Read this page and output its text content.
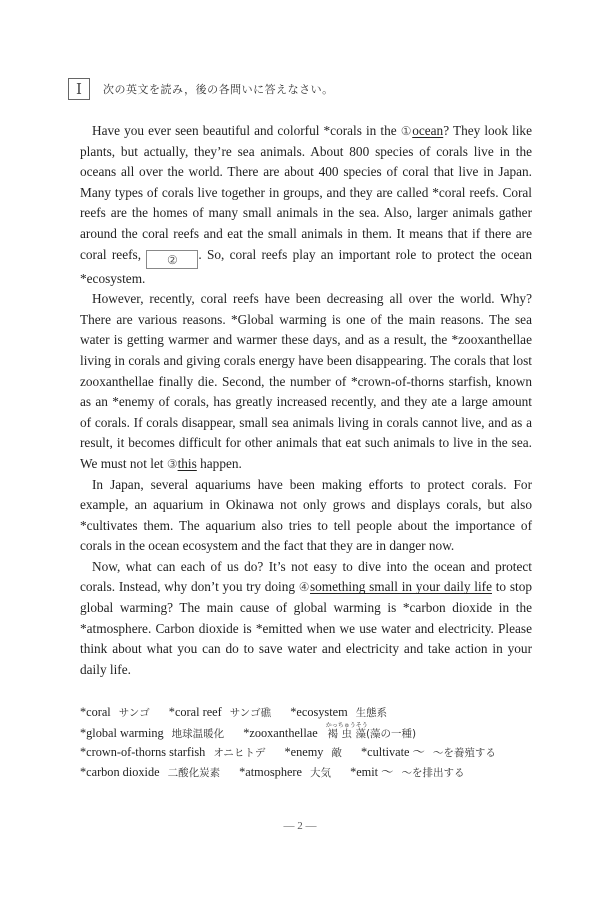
Ⅰ	次の英文を読み，後の各問いに答えなさい。

Have you ever seen beautiful and colorful *corals in the ①ocean? They look like plants, but actually, they’re sea animals. About 800 species of corals live in the oceans all over the world. There are about 400 species of coral that live in Japan. Many types of corals live together in groups, and they are called *coral reefs. Coral reefs are the homes of many small animals in the sea. Also, larger animals gather around the coral reefs and eat the small animals in them. It means that if there are coral reefs, ② . So, coral reefs play an important role to protect the ocean *ecosystem.

However, recently, coral reefs have been decreasing all over the world. Why? There are various reasons. *Global warming is one of the main reasons. The sea water is getting warmer and warmer these days, and as a result, the *zooxanthellae living in corals and giving corals energy have been disappearing. The corals that lost zooxanthellae finally die. Second, the number of *crown-of-thorns starfish, known as an *enemy of corals, has greatly increased recently, and they ate a large amount of corals. If corals disappear, small sea animals living in corals cannot live, and as a result, it becomes difficult for other animals that eat such animals to live in the sea. We must not let ③this happen.

In Japan, several aquariums have been making efforts to protect corals. For example, an aquarium in Okinawa not only grows and displays corals, but also *cultivates them. The aquarium also tries to tell people about the importance of corals in the ocean ecosystem and the fact that they are in danger now.

Now, what can each of us do? It’s not easy to dive into the ocean and protect corals. Instead, why don’t you try doing ④something small in your daily life to stop global warming? The main cause of global warming is *carbon dioxide in the *atmosphere. Carbon dioxide is *emitted when we use water and electricity. Please think about what you can do to save water and electricity and take action in your daily life.

*coral サンゴ *coral reef サンゴ礁 *ecosystem 生態系
*global warming 地球温暖化 *zooxanthellae 褐虫藻かっちゅうそう(藻の一種)
*crown-of-thorns starfish オニヒトデ *enemy 敵 *cultivate ～ ～を養殖する
*carbon dioxide 二酸化炭素 *atmosphere 大気 *emit ～ ～を排出する
— 2 —
